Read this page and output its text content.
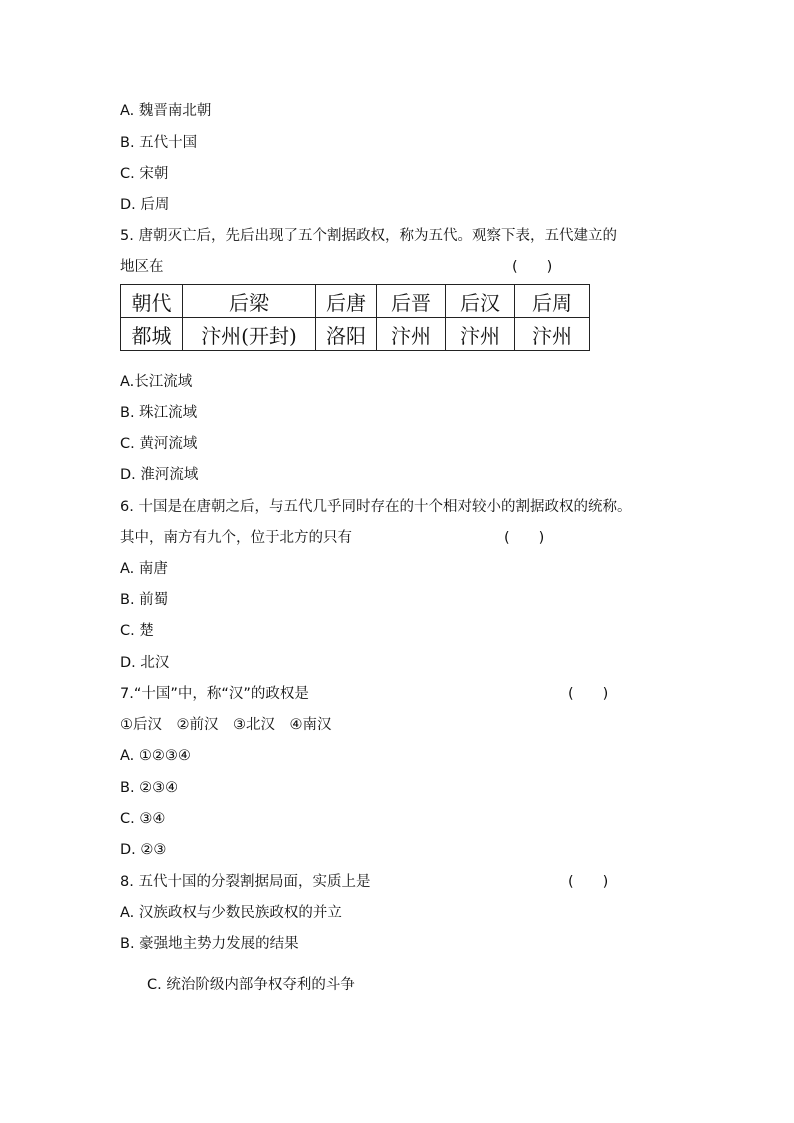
A. 魏晋南北朝
B. 五代十国
C. 宋朝
D. 后周
5. 唐朝灭亡后，先后出现了五个割据政权，称为五代。观察下表，五代建立的
地区在	(　　)
朝代	后梁	后唐	后晋	后汉	后周
都城	汴州(开封)	洛阳	汴州	汴州	汴州
A.长江流域
B. 珠江流域
C. 黄河流域
D. 淮河流域
6. 十国是在唐朝之后，与五代几乎同时存在的十个相对较小的割据政权的统称。
其中，南方有九个，位于北方的只有	(　　)
A. 南唐
B. 前蜀
C. 楚
D. 北汉
7.“十国”中，称“汉”的政权是	(　　)
①后汉　②前汉　③北汉　④南汉
A. ①②③④
B. ②③④
C. ③④
D. ②③
8. 五代十国的分裂割据局面，实质上是	(　　)
A. 汉族政权与少数民族政权的并立
B. 豪强地主势力发展的结果
C. 统治阶级内部争权夺利的斗争
